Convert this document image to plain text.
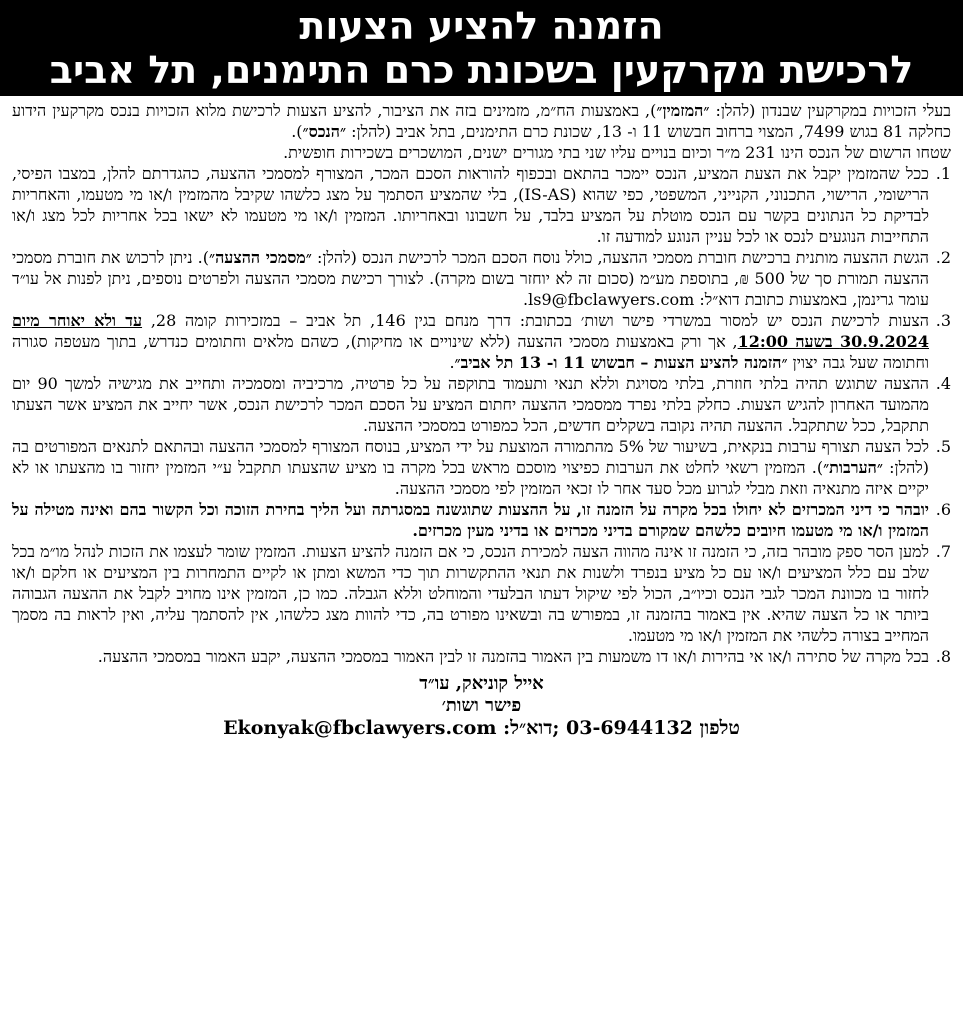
הזמנה להציע הצעות
לרכישת מקרקעין בשכונת כרם התימנים, תל אביב

בעלי הזכויות במקרקעין שבנדון (להלן: ״המזמין״), באמצעות הח״מ, מזמינים בזה את הציבור, להציע הצעות לרכישת מלוא הזכויות בנכס מקרקעין הידוע כחלקה 81 בגוש 7499, המצוי ברחוב חבשוש 11 ו- 13, שכונת כרם התימנים, בתל אביב (להלן: ״הנכס״).

שטחו הרשום של הנכס הינו 231 מ״ר וכיום בנויים עליו שני בתי מגורים ישנים, המושכרים בשכירות חופשית.

1.
ככל שהמזמין יקבל את הצעת המציע, הנכס יימכר בהתאם ובכפוף להוראות הסכם המכר, המצורף למסמכי ההצעה, כהגדרתם להלן, במצבו הפיסי, הרישומי, הרישוי, התכנוני, הקנייני, המשפטי, כפי שהוא (IS-AS), בלי שהמציע הסתמך על מצג כלשהו שקיבל מהמזמין ו/או מי מטעמו, והאחריות לבדיקת כל הנתונים בקשר עם הנכס מוטלת על המציע בלבד, על חשבונו ובאחריותו. המזמין ו/או מי מטעמו לא ישאו בכל אחריות לכל מצג ו/או התחייבות הנוגעים לנכס או לכל עניין הנוגע למודעה זו.
2.
הגשת ההצעה מותנית ברכישת חוברת מסמכי ההצעה, כולל נוסח הסכם המכר לרכישת הנכס (להלן: ״מסמכי ההצעה״). ניתן לרכוש את חוברת מסמכי ההצעה תמורת סך של 500 ₪, בתוספת מע״מ (סכום זה לא יוחזר בשום מקרה). לצורך רכישת מסמכי ההצעה ולפרטים נוספים, ניתן לפנות אל עו״ד עומר גרינמן, באמצעות כתובת דוא״ל: ls9@fbclawyers.com.
3.
הצעות לרכישת הנכס יש למסור במשרדי פישר ושות׳ בכתובת: דרך מנחם בגין 146, תל אביב – במזכירות קומה 28, עד ולא יאוחר מיום 30.9.2024 בשעה 12:00, אך ורק באמצעות מסמכי ההצעה (ללא שינויים או מחיקות), כשהם מלאים וחתומים כנדרש, בתוך מעטפה סגורה וחתומה שעל גבה יצוין ״הזמנה להציע הצעות – חבשוש 11 ו- 13 תל אביב״.
4.
ההצעה שתוגש תהיה בלתי חוזרת, בלתי מסויגת וללא תנאי ותעמוד בתוקפה על כל פרטיה, מרכיביה ומסמכיה ותחייב את מגישיה למשך 90 יום מהמועד האחרון להגיש הצעות. כחלק בלתי נפרד ממסמכי ההצעה יחתום המציע על הסכם המכר לרכישת הנכס, אשר יחייב את המציע אשר הצעתו תתקבל, ככל שתתקבל. ההצעה תהיה נקובה בשקלים חדשים, הכל כמפורט במסמכי ההצעה.
5.
לכל הצעה תצורף ערבות בנקאית, בשיעור של 5% מהתמורה המוצעת על ידי המציע, בנוסח המצורף למסמכי ההצעה ובהתאם לתנאים המפורטים בה (להלן: ״הערבות״). המזמין רשאי לחלט את הערבות כפיצוי מוסכם מראש בכל מקרה בו מציע שהצעתו תתקבל ע״י המזמין יחזור בו מהצעתו או לא יקיים איזה מתנאיה וזאת מבלי לגרוע מכל סעד אחר לו זכאי המזמין לפי מסמכי ההצעה.
6.
יובהר כי דיני המכרזים לא יחולו בכל מקרה על הזמנה זו, על ההצעות שתוגשנה במסגרתה ועל הליך בחירת הזוכה וכל הקשור בהם ואינה מטילה על המזמין ו/או מי מטעמו חיובים כלשהם שמקורם בדיני מכרזים או בדיני מעין מכרזים.
7.
למען הסר ספק מובהר בזה, כי הזמנה זו אינה מהווה הצעה למכירת הנכס, כי אם הזמנה להציע הצעות. המזמין שומר לעצמו את הזכות לנהל מו״מ בכל שלב עם כלל המציעים ו/או עם כל מציע בנפרד ולשנות את תנאי ההתקשרות תוך כדי המשא ומתן או לקיים התמחרות בין המציעים או חלקם ו/או לחזור בו מכוונת המכר לגבי הנכס וכיו״ב, הכול לפי שיקול דעתו הבלעדי והמוחלט וללא הגבלה. כמו כן, המזמין אינו מחויב לקבל את ההצעה הגבוהה ביותר או כל הצעה שהיא. אין באמור בהזמנה זו, במפורש בה ובשאינו מפורט בה, כדי להוות מצג כלשהו, אין להסתמך עליה, ואין לראות בה מסמך המחייב בצורה כלשהי את המזמין ו/או מי מטעמו.
8.
בכל מקרה של סתירה ו/או אי בהירות ו/או דו משמעות בין האמור בהזמנה זו לבין האמור במסמכי ההצעה, יקבע האמור במסמכי ההצעה.
אייל קוניאק, עו״ד
פישר ושות׳
טלפון 03-6944132 ;דוא״ל: Ekonyak@fbclawyers.com
